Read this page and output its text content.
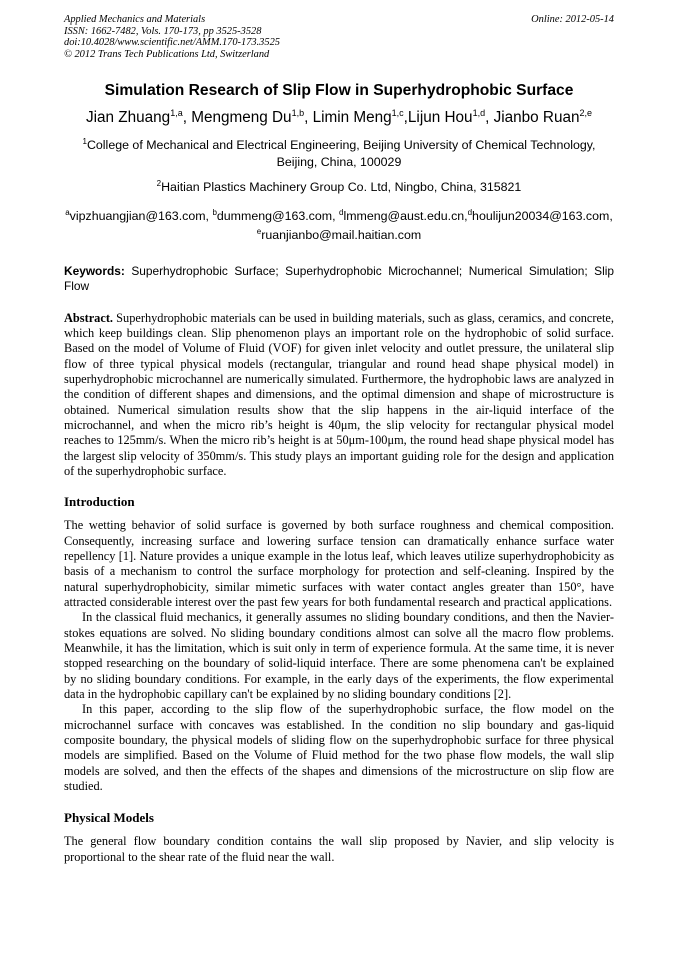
Applied Mechanics and Materials
ISSN: 1662-7482, Vols. 170-173, pp 3525-3528
doi:10.4028/www.scientific.net/AMM.170-173.3525
© 2012 Trans Tech Publications Ltd, Switzerland
Online: 2012-05-14
Simulation Research of Slip Flow in Superhydrophobic Surface
Jian Zhuang$^{1,a}$, Mengmeng Du$^{1,b}$, Limin Meng$^{1,c}$,Lijun Hou$^{1,d}$, Jianbo Ruan$^{2,e}$
$^1$College of Mechanical and Electrical Engineering, Beijing University of Chemical Technology,
Beijing, China, 100029
$^2$Haitian Plastics Machinery Group Co. Ltd, Ningbo, China, 315821
$^a$vipzhuangjian@163.com, $^b$dummeng@163.com, $^d$lmmeng@aust.edu.cn,$^d$houlijun20034@163.com,
$^e$ruanjianbo@mail.haitian.com
Keywords: Superhydrophobic Surface; Superhydrophobic Microchannel; Numerical Simulation; Slip Flow
Abstract. Superhydrophobic materials can be used in building materials, such as glass, ceramics, and concrete, which keep buildings clean. Slip phenomenon plays an important role on the hydrophobic of solid surface. Based on the model of Volume of Fluid (VOF) for given inlet velocity and outlet pressure, the unilateral slip flow of three typical physical models (rectangular, triangular and round head shape physical model) in superhydrophobic microchannel are numerically simulated. Furthermore, the hydrophobic laws are analyzed in the condition of different shapes and dimensions, and the optimal dimension and shape of microstructure is obtained. Numerical simulation results show that the slip happens in the air-liquid interface of the microchannel, and when the micro rib’s height is 40μm, the slip velocity for rectangular physical model reaches to 125mm/s. When the micro rib’s height is at 50μm-100μm, the round head shape physical model has the largest slip velocity of 350mm/s. This study plays an important guiding role for the design and application of the superhydrophobic surface.
Introduction

The wetting behavior of solid surface is governed by both surface roughness and chemical composition. Consequently, increasing surface and lowering surface tension can dramatically enhance surface water repellency [1]. Nature provides a unique example in the lotus leaf, which leaves utilize superhydrophobicity as basis of a mechanism to control the surface morphology for protection and self-cleaning. Inspired by the natural superhydrophobicity, similar mimetic surfaces with water contact angles greater than 150°, have attracted considerable interest over the past few years for both fundamental research and practical applications.

In the classical fluid mechanics, it generally assumes no sliding boundary conditions, and then the Navier-stokes equations are solved. No sliding boundary conditions almost can solve all the macro flow problems. Meanwhile, it has the limitation, which is suit only in term of experience formula. At the same time, it is never stopped researching on the boundary of solid-liquid interface. There are some phenomena can't be explained by no sliding boundary conditions. For example, in the early days of the experiments, the flow experimental data in the hydrophobic capillary can't be explained by no sliding boundary conditions [2].

In this paper, according to the slip flow of the superhydrophobic surface, the flow model on the microchannel surface with concaves was established. In the condition no slip boundary and gas-liquid composite boundary, the physical models of sliding flow on the superhydrophobic surface for three physical models are simplified. Based on the Volume of Fluid method for the two phase flow models, the wall slip models are solved, and then the effects of the shapes and dimensions of the microstructure on slip flow are studied.

Physical Models

The general flow boundary condition contains the wall slip proposed by Navier, and slip velocity is proportional to the shear rate of the fluid near the wall.
